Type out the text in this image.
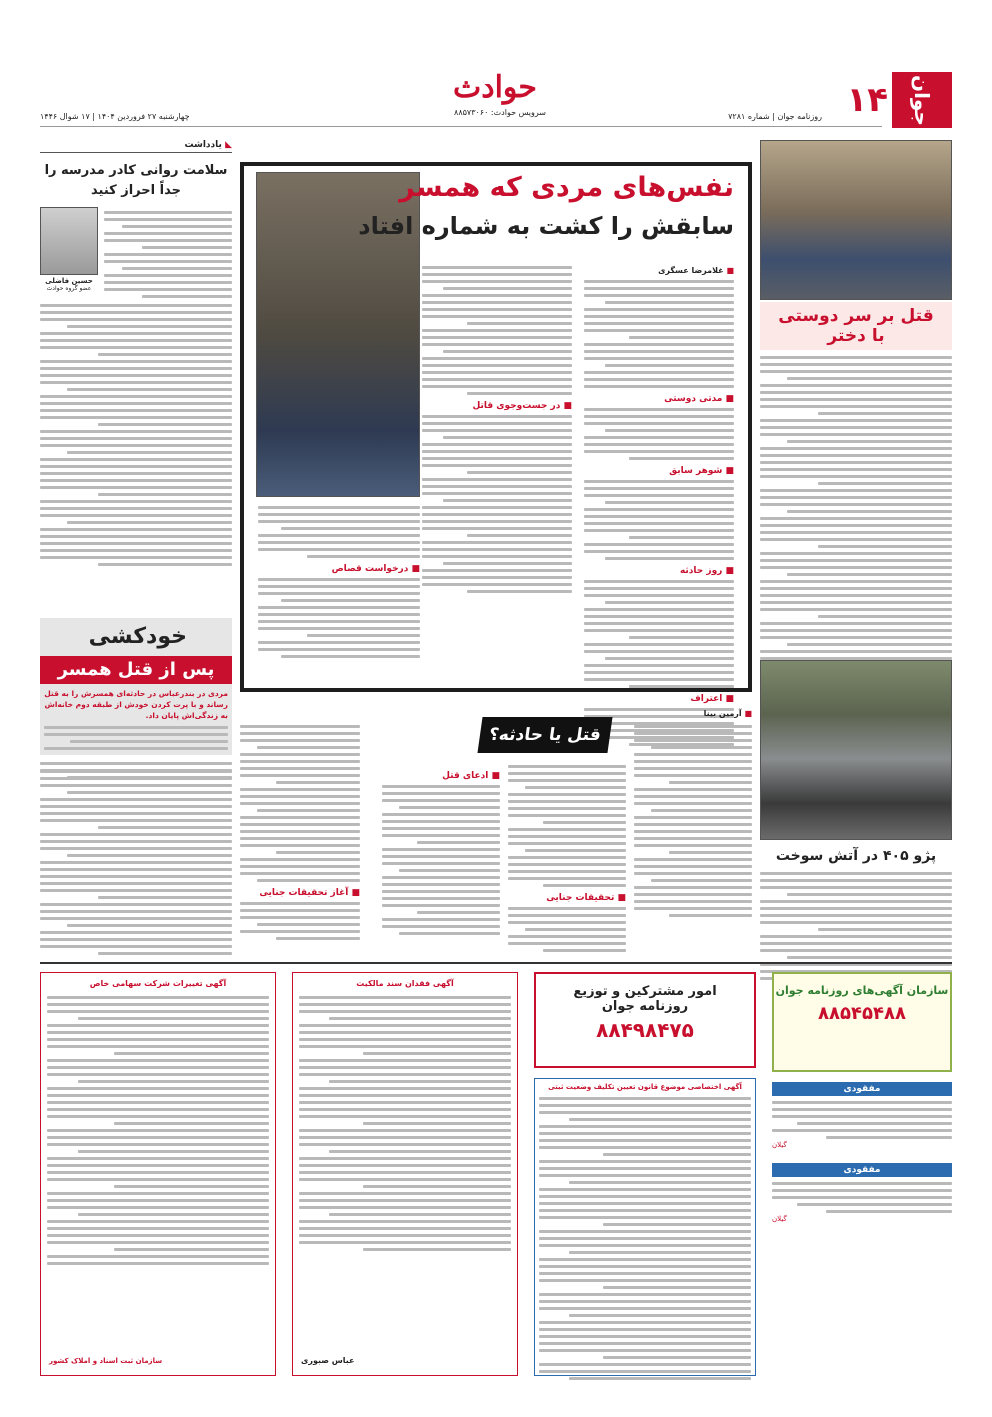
جوان
۱۴
روزنامه جوان | شماره ۷۲۸۱
حوادث
سرویس حوادث: ۸۸۵۷۳۰۶۰
چهارشنبه ۲۷ فروردین ۱۴۰۴ | ۱۷ شوال ۱۴۴۶
◣ یادداشت
سلامت روانی کادر مدرسه را جداً احراز کنید
حسین فاضلی
عضو گروه حوادث
خودکشی
پس از قتل همسر
مردی در بندرعباس در حادثه‌ای همسرش را به قتل رساند و با پرت کردن خودش از طبقه دوم خانه‌اش به زندگی‌اش پایان داد.
نفس‌های مردی که همسر
سابقش را کشت به شماره افتاد
■ غلامرضا عسگری
■ مدتی دوستی
■ شوهر سابق
■ روز حادثه
■ اعتراف
■ در جست‌وجوی قاتل
■ درخواست قصاص
قتل بر سر دوستی
با دختر
پژو ۴۰۵ در آتش سوخت
قتل یا حادثه؟
■ آرمین بینا
■ تحقیقات جنایی
■ ادعای قتل
■ آغاز تحقیقات جنایی
سازمان آگهی‌های روزنامه جوان
۸۸۵۴۵۴۸۸
مفقودی
گیلان
مفقودی
گیلان
امور مشترکین و توزیع
روزنامه جوان
۸۸۴۹۸۴۷۵
آگهی اختصاصی موضوع قانون تعیین تکلیف وضعیت ثبتی
آگهی فقدان سند مالکیت
عباس صبوری
آگهی تغییرات شرکت سهامی خاص
سازمان ثبت اسناد و املاک کشور
